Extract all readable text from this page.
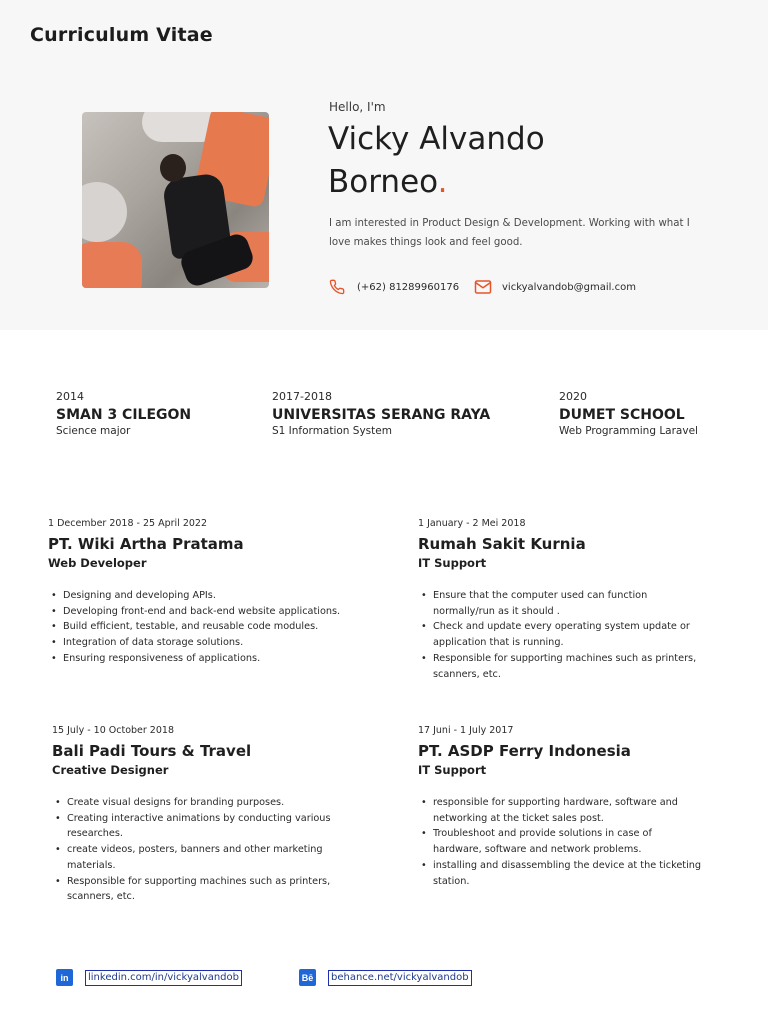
Curriculum Vitae
Hello, I'm
Vicky Alvando
Borneo.
I am interested in Product Design & Development. Working with what I love makes things look and feel good.
(+62) 81289960176	vickyalvandob@gmail.com
2014
SMAN 3 CILEGON
Science major
2017-2018
UNIVERSITAS SERANG RAYA
S1 Information System
2020
DUMET SCHOOL
Web Programming Laravel
1 December 2018 - 25 April 2022
PT. Wiki Artha Pratama
Web Developer
• Designing and developing APIs.
• Developing front-end and back-end website applications.
• Build efficient, testable, and reusable code modules.
• Integration of data storage solutions.
• Ensuring responsiveness of applications.
1 January - 2 Mei 2018
Rumah Sakit Kurnia
IT Support
• Ensure that the computer used can function normally/run as it should .
• Check and update every operating system update or application that is running.
• Responsible for supporting machines such as printers, scanners, etc.
15 July - 10 October 2018
Bali Padi Tours & Travel
Creative Designer
• Create visual designs for branding purposes.
• Creating interactive animations by conducting various researches.
• create videos, posters, banners and other marketing materials.
• Responsible for supporting machines such as printers, scanners, etc.
17 Juni - 1 July 2017
PT. ASDP Ferry Indonesia
IT Support
• responsible for supporting hardware, software and networking at the ticket sales post.
• Troubleshoot and provide solutions in case of hardware, software and network problems.
• installing and disassembling the device at the ticketing station.
in	linkedin.com/in/vickyalvandob	Bē	behance.net/vickyalvandob
